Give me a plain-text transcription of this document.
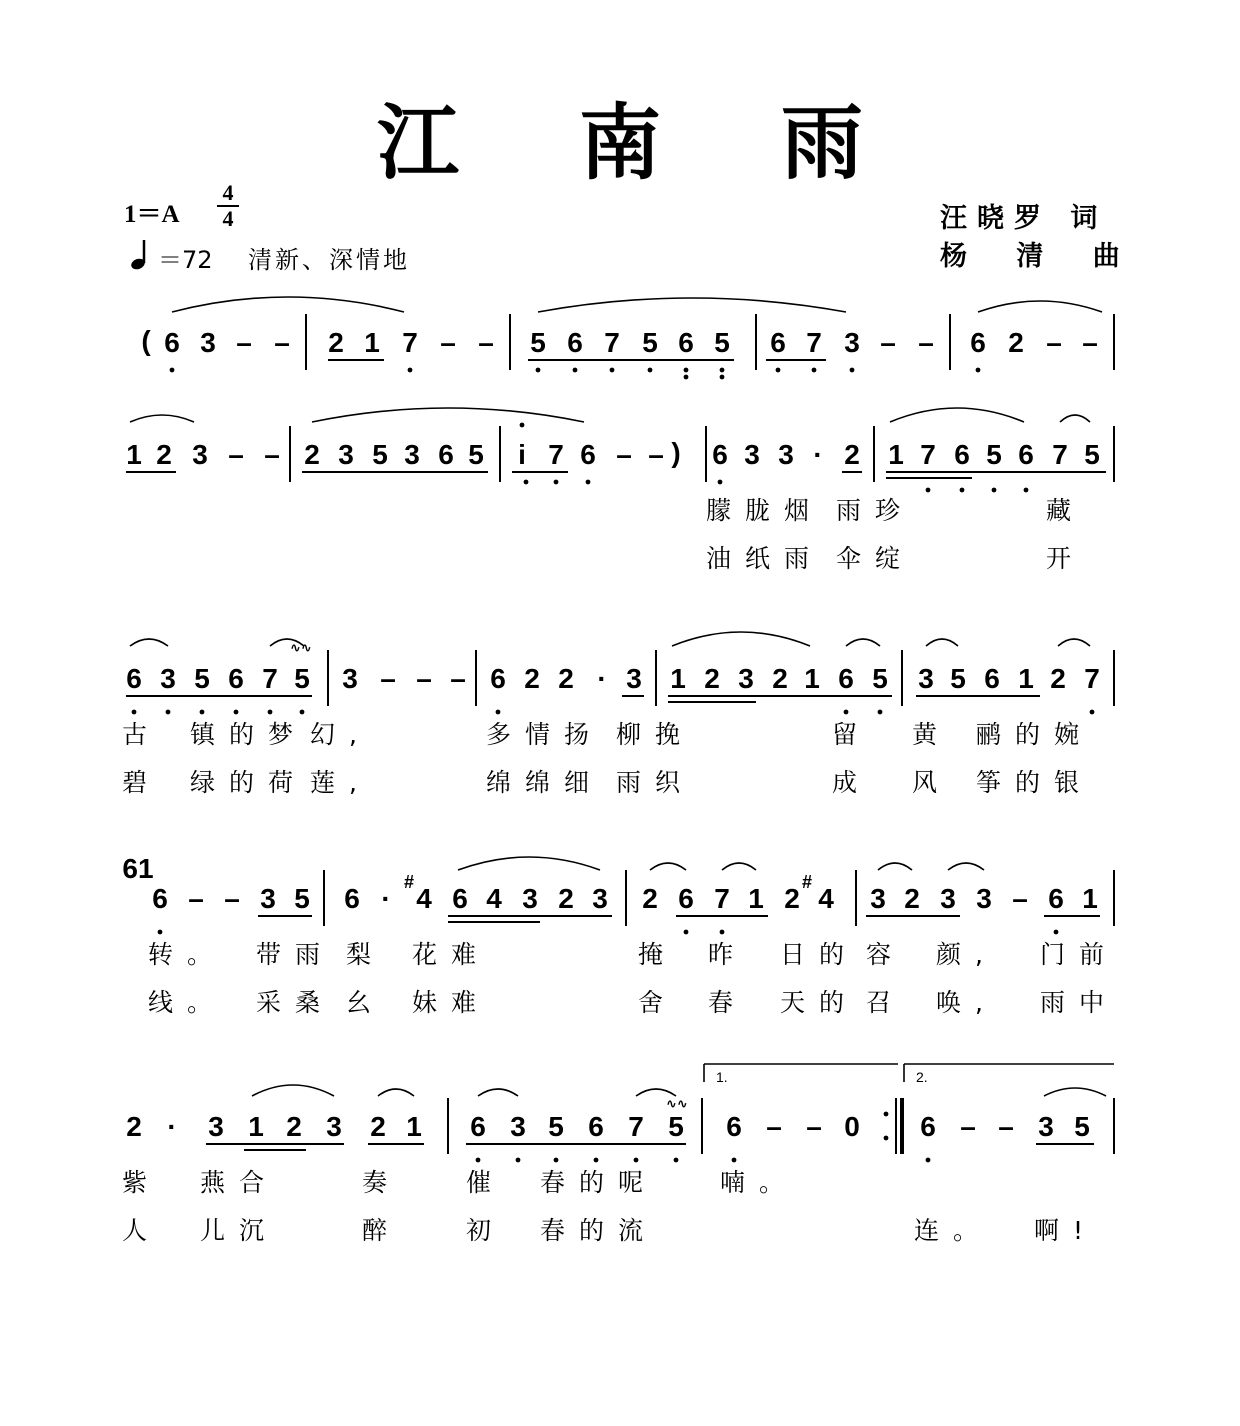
江南雨
1＝A
4
4
＝72 清新、深情地
汪晓罗 词
杨 清 曲
( 6 3 – – 2 1 7 – – 5 6 7 5 6 5 6 7 3 – – 6 2 – –
1 2 3 – – 2 3 5 3 6 5 i 7 6 – – 6 3 3 · 2 1 7 6 5 6 7 5
)
朦胧烟 雨珍	藏
油纸雨 伞绽	开
6 3 5 6 7 5 3 – – – 6 2 2 · 3 1 2 3 2 1 6 5 3 5 6 1 2 7
∿∿
古 镇的梦 幻,	多情扬 柳挽	留 黄 鹂的婉
碧 绿的荷 莲,	绵绵细 雨织	成 风 筝的银
61
6 – – 3 5 6 · 4 6 4 3 2 3 2 6 7 1 2 4 3 2 3 3 – 6 1
#	#
转。 带雨 梨 花难	掩 昨 日的 容 颜, 门前
线。 采桑 幺 妹难	舍 春 天的 召 唤, 雨中
2 · 3 1 2 3 2 1 6 3 5 6 7 5 6 – – 0 6 – – 3 5
∿∿
1.	2.
紫 燕合	奏	催 春的呢	喃。
人 儿沉	醉	初 春的流	连。 啊!
